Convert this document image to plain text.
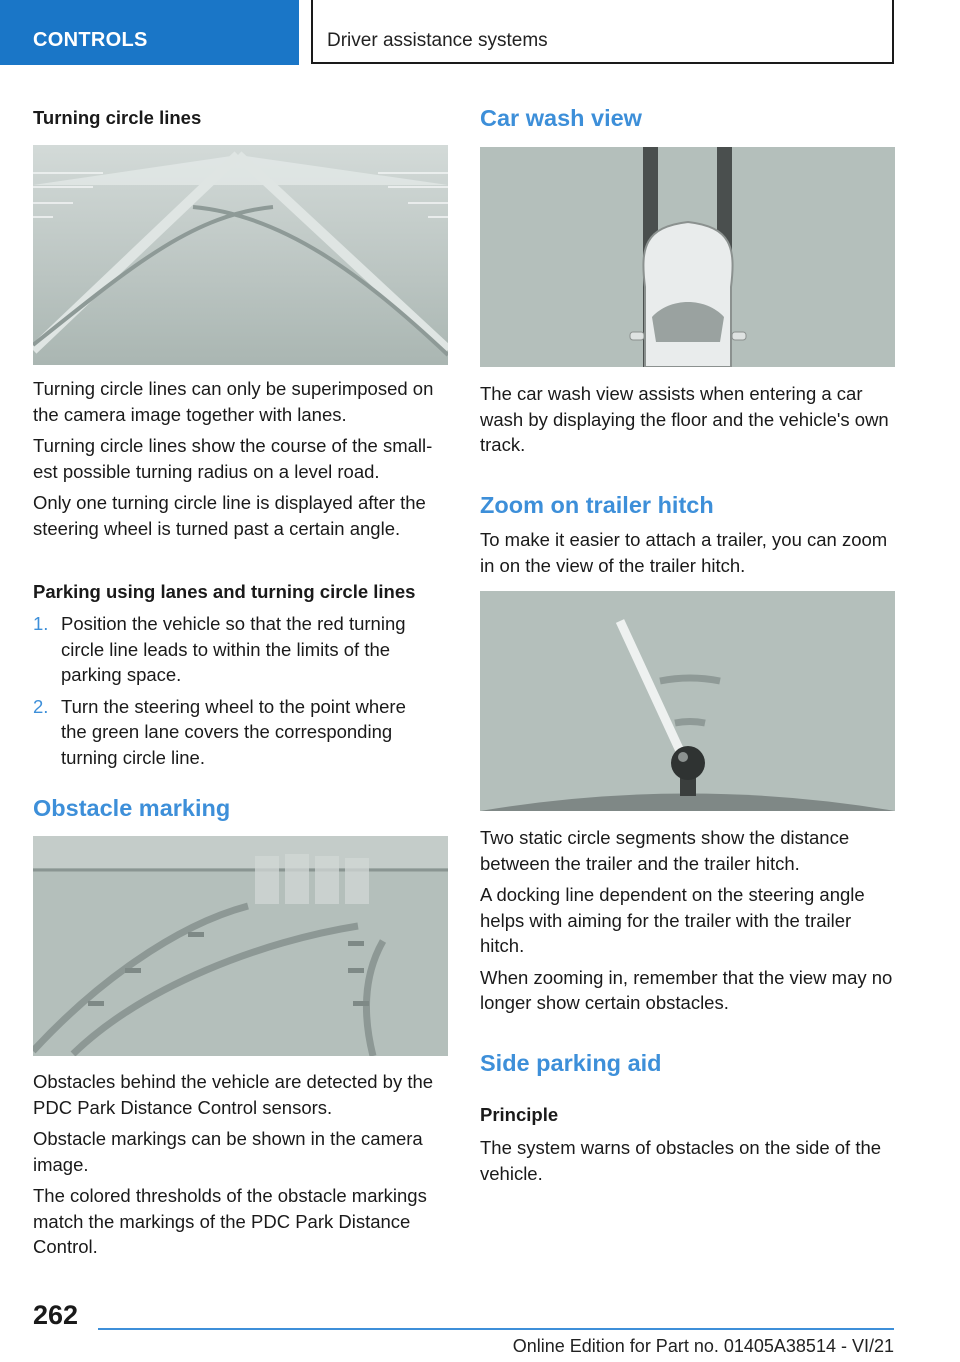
CONTROLS	Driver assistance systems
Turning circle lines

Turning circle lines can only be superimposed on the camera image together with lanes.

Turning circle lines show the course of the small‐est possible turning radius on a level road.

Only one turning circle line is displayed after the steering wheel is turned past a certain angle.

Parking using lanes and turning circle lines
1. Position the vehicle so that the red turning circle line leads to within the limits of the parking space.
2. Turn the steering wheel to the point where the green lane covers the corresponding turning circle line.
Obstacle marking

Obstacles behind the vehicle are detected by the PDC Park Distance Control sensors.

Obstacle markings can be shown in the camera image.

The colored thresholds of the obstacle markings match the markings of the PDC Park Distance Control.

Car wash view

The car wash view assists when entering a car wash by displaying the floor and the vehicle's own track.

Zoom on trailer hitch

To make it easier to attach a trailer, you can zoom in on the view of the trailer hitch.

Two static circle segments show the distance between the trailer and the trailer hitch.

A docking line dependent on the steering angle helps with aiming for the trailer with the trailer hitch.

When zooming in, remember that the view may no longer show certain obstacles.

Side parking aid
Principle

The system warns of obstacles on the side of the vehicle.

262
Online Edition for Part no. 01405A38514 - VI/21
